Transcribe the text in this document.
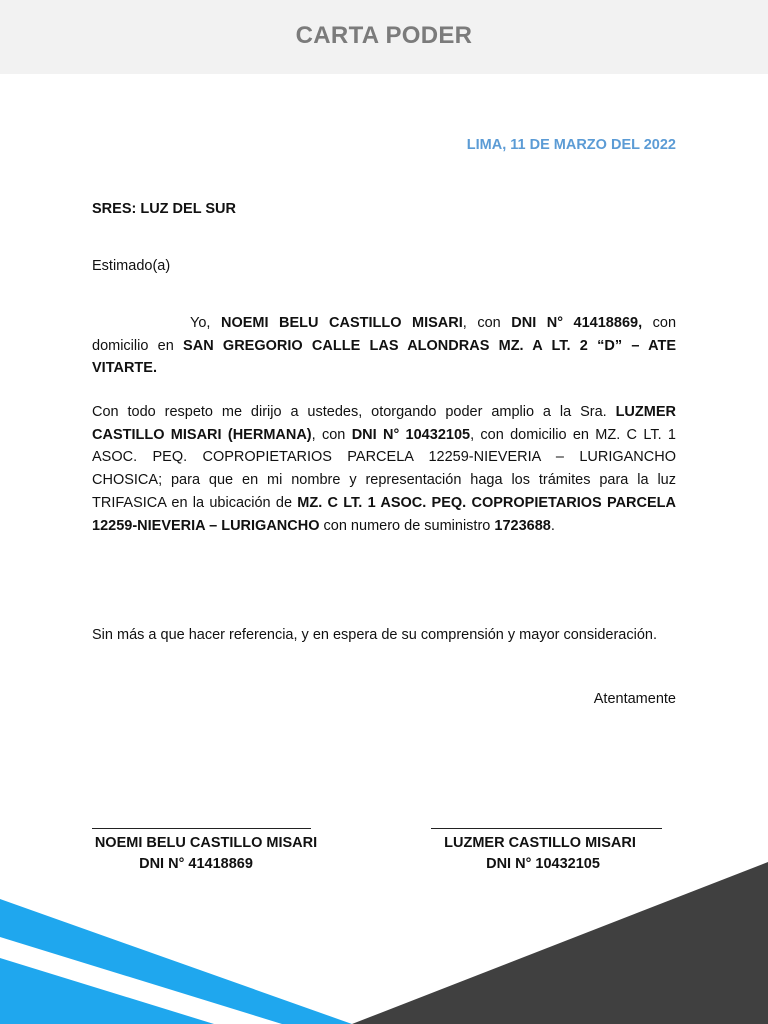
CARTA PODER
LIMA, 11 DE MARZO DEL 2022
SRES: LUZ DEL SUR
Estimado(a)

Yo, NOEMI BELU CASTILLO MISARI, con DNI N° 41418869, con domicilio en SAN GREGORIO CALLE LAS ALONDRAS MZ. A LT. 2 “D” – ATE VITARTE.

Con todo respeto me dirijo a ustedes, otorgando poder amplio a la Sra. LUZMER CASTILLO MISARI (HERMANA), con DNI N° 10432105, con domicilio en MZ. C LT. 1 ASOC. PEQ. COPROPIETARIOS PARCELA 12259-NIEVERIA – LURIGANCHO CHOSICA; para que en mi nombre y representación haga los trámites para la luz TRIFASICA en la ubicación de MZ. C LT. 1 ASOC. PEQ. COPROPIETARIOS PARCELA 12259-NIEVERIA – LURIGANCHO con numero de suministro 1723688.

Sin más a que hacer referencia, y en espera de su comprensión y mayor consideración.

Atentamente
NOEMI BELU CASTILLO MISARI
DNI N° 41418869
LUZMER CASTILLO MISARI
DNI N° 10432105
